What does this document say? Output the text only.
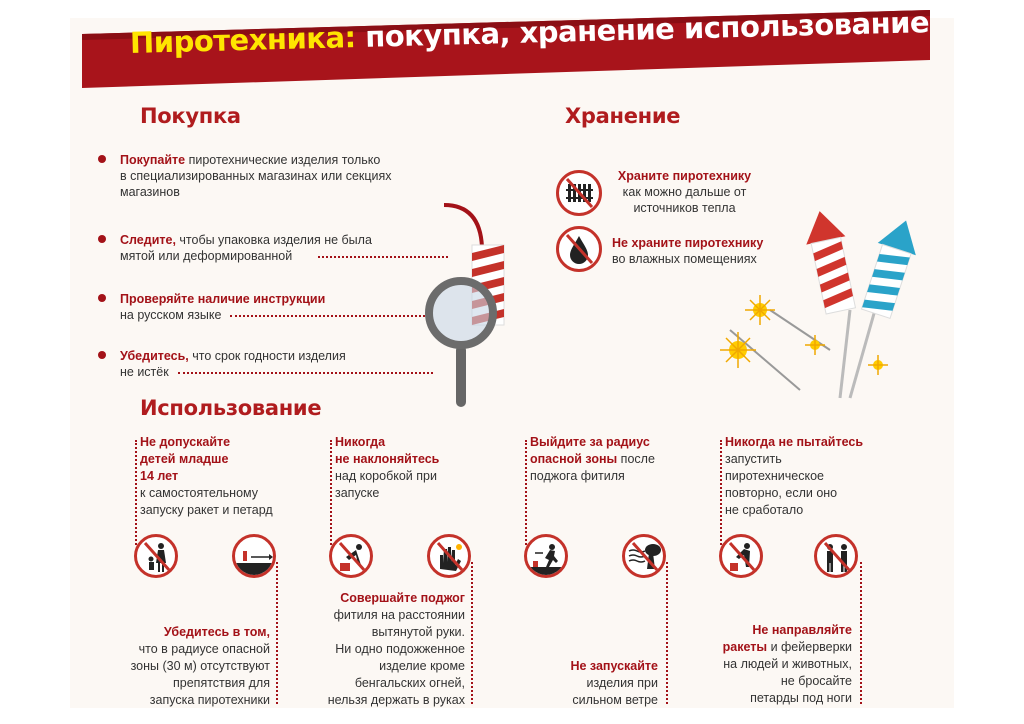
Пиротехника: покупка, хранение использование
Покупка
Покупайте пиротехнические изделия только
в специализированных магазинах или секциях
магазинов
Следите, чтобы упаковка изделия не была
мятой или деформированной
Проверяйте наличие инструкции
на русском языке
Убедитесь, что срок годности изделия
не истёк
Хранение
Храните пиротехнику
как можно дальше от
источников тепла
Не храните пиротехнику
во влажных помещениях
Использование
Не допускайте
детей младше
14 лет
к самостоятельному
запуску ракет и петард
Убедитесь в том,
что в радиусе опасной
зоны (30 м) отсутствуют
препятствия для
запуска пиротехники
Никогда
не наклоняйтесь
над коробкой при
запуске
Совершайте поджог
фитиля на расстоянии
вытянутой руки.
Ни одно подожженное
изделие кроме
бенгальских огней,
нельзя держать в руках
Выйдите за радиус
опасной зоны после
поджога фитиля
Не запускайте
изделия при
сильном ветре
Никогда не пытайтесь
запустить
пиротехническое
повторно, если оно
не сработало
Не направляйте
ракеты и фейерверки
на людей и животных,
не бросайте
петарды под ноги
